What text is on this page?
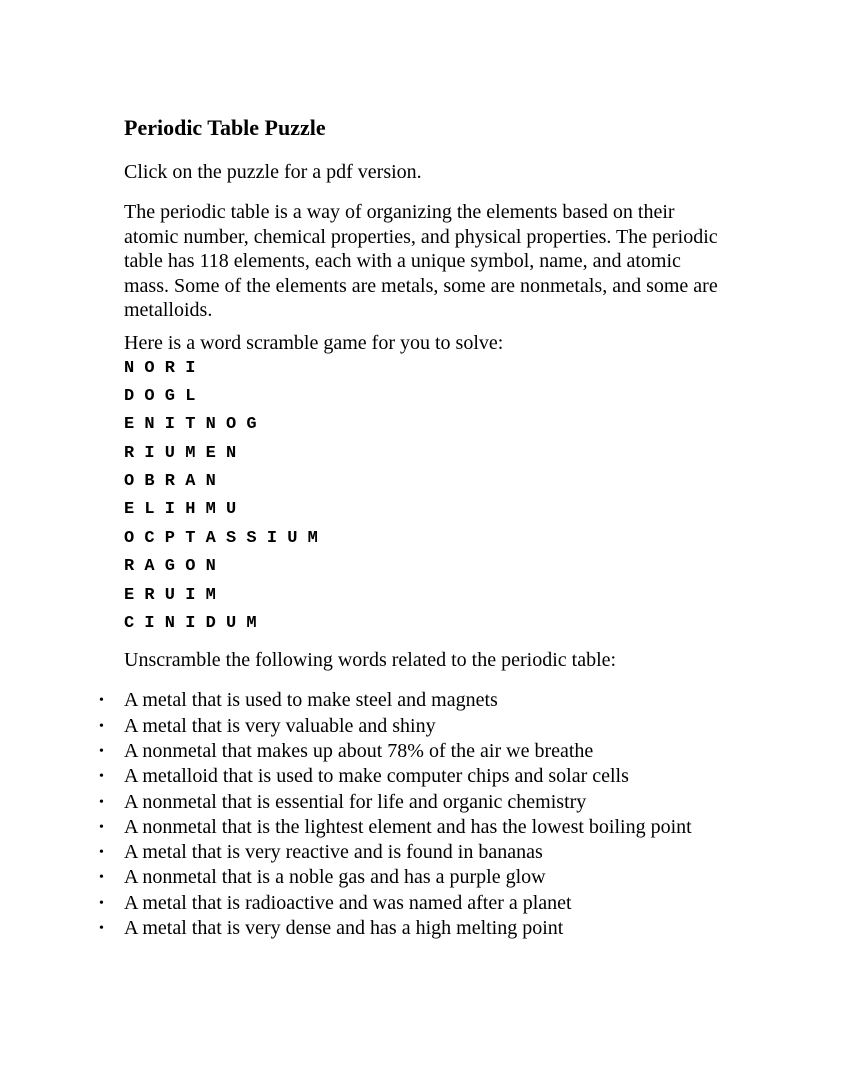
Periodic Table Puzzle

Click on the puzzle for a pdf version.

The periodic table is a way of organizing the elements based on their atomic number, chemical properties, and physical properties. The periodic table has 118 elements, each with a unique symbol, name, and atomic mass. Some of the elements are metals, some are nonmetals, and some are metalloids.

Here is a word scramble game for you to solve:

N O R I
D O G L
E N I T N O G
R I U M E N
O B R A N
E L I H M U
O C P T A S S I U M
R A G O N
E R U I M
C I N I D U M

Unscramble the following words related to the periodic table:

• A metal that is used to make steel and magnets
• A metal that is very valuable and shiny
• A nonmetal that makes up about 78% of the air we breathe
• A metalloid that is used to make computer chips and solar cells
• A nonmetal that is essential for life and organic chemistry
• A nonmetal that is the lightest element and has the lowest boiling point
• A metal that is very reactive and is found in bananas
• A nonmetal that is a noble gas and has a purple glow
• A metal that is radioactive and was named after a planet
• A metal that is very dense and has a high melting point
